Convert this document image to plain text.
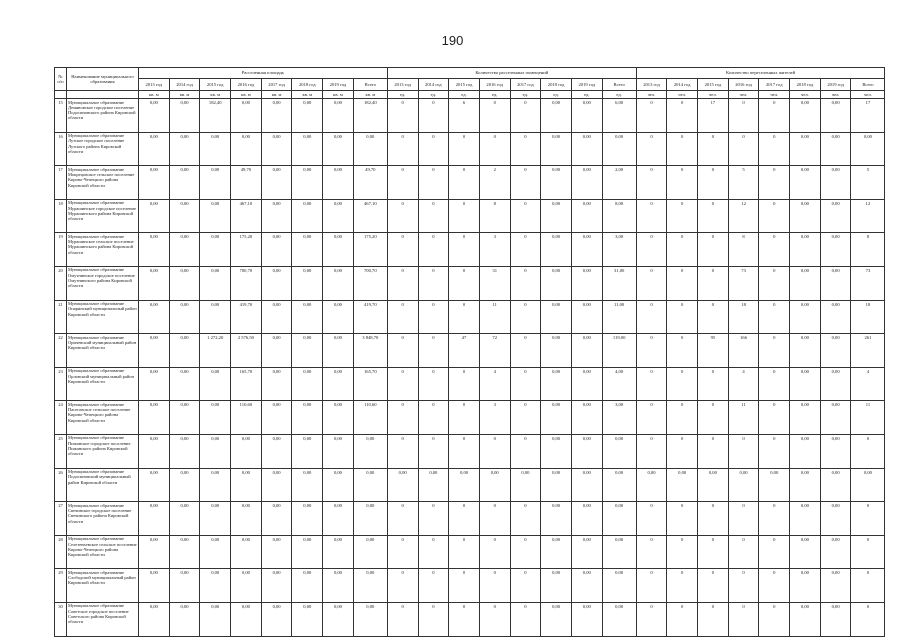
190
№ п/п	Наименование муниципального образования	Расселенная площадь								Количество расселенных помещений								Количество переселенных жителей							
		2013 год	2014 год	2015 год	2016 год	2017 год	2018 год	2019 год	Всего	2013 год	2014 год	2015 год	2016 год	2017 год	2018 год	2019 год	Всего	2013 год	2014 год	2015 год	2016 год	2017 год	2018 год	2019 год	Всего
		кв. м	кв. м	кв. м	кв. м	кв. м	кв. м	кв. м	кв. м	ед.	ед.	ед.	ед.	ед.	ед.	ед.	ед.	чел.	чел.	чел.	чел.	чел.	чел.	чел.	чел.
15	Муниципальное образование Демяновское городское поселение Подосиновского района Кировской области	0,00	0,00	182,40	0,00	0,00	0,00	0,00	182,40	0	0	6	0	0	0,00	0,00	6,00	0	0	17	0	0	0,00	0,00	17
16	Муниципальное образование Лузское городское поселение Лузского района Кировской области	0,00	0,00	0,00	0,00	0,00	0,00	0,00	0,00	0	0	0	0	0	0,00	0,00	0,00	0	0	0	0	0	0,00	0,00	0,00
17	Муниципальное образование Мокрецовское сельское поселение Кирово-Чепецкого района Кировской области	0,00	0,00	0,00	49,70	0,00	0,00	0,00	49,70	0	0	0	2	0	0,00	0,00	2,00	0	0	0	5	0	0,00	0,00	5
18	Муниципальное образование Мурашинское городское поселение Мурашинского района Кировской области	0,00	0,00	0,00	467,10	0,00	0,00	0,00	467,10	0	0	0	8	0	0,00	0,00	8,00	0	0	0	12	0	0,00	0,00	12
19	Муниципальное образование Мурашинское сельское поселение Мурашинского района Кировской области	0,00	0,00	0,00	175,20	0,00	0,00	0,00	175,20	0	0	0	3	0	0,00	0,00	3,00	0	0	0	8	0	0,00	0,00	8
20	Муниципальное образование Омутнинское городское поселение Омутнинского района Кировской области	0,00	0,00	0,00	700,70	0,00	0,00	0,00	700,70	0	0	0	31	0	0,00	0,00	31,00	0	0	0	73	0	0,00	0,00	73
21	Муниципальное образование Опаринский муниципальный район Кировской области	0,00	0,00	0,00	419,70	0,00	0,00	0,00	419,70	0	0	0	11	0	0,00	0,00	11,00	0	0	0	18	0	0,00	0,00	18
22	Муниципальное образование Оричевский муниципальный район Кировской области	0,00	0,00	1 272,20	2 576,50	0,00	0,00	0,00	3 848,70	0	0	47	72	0	0,00	0,00	119,00	0	0	95	166	0	0,00	0,00	261
23	Муниципальное образование Орловский муниципальный район Кировской области	0,00	0,00	0,00	165,70	0,00	0,00	0,00	165,70	0	0	0	4	0	0,00	0,00	4,00	0	0	0	4	0	0,00	0,00	4
24	Муниципальное образование Пасеговское сельское поселение Кирово-Чепецкого района Кировской области	0,00	0,00	0,00	110,60	0,00	0,00	0,00	110,60	0	0	0	3	0	0,00	0,00	3,00	0	0	0	11	0	0,00	0,00	11
25	Муниципальное образование Пижанское городское поселение Пижанского района Кировской области	0,00	0,00	0,00	0,00	0,00	0,00	0,00	0,00	0	0	0	0	0	0,00	0,00	0,00	0	0	0	0	0	0,00	0,00	0
26	Муниципальное образование Подосиновский муниципальный район Кировской области	0,00	0,00	0,00	0,00	0,00	0,00	0,00	0,00	0,00	0,00	0,00	0,00	0,00	0,00	0,00	0,00	0,00	0,00	0,00	0,00	0,00	0,00	0,00	0,00
27	Муниципальное образование Свечинское городское поселение Свечинского района Кировской области	0,00	0,00	0,00	0,00	0,00	0,00	0,00	0,00	0	0	0	0	0	0,00	0,00	0,00	0	0	0	0	0	0,00	0,00	0
28	Муниципальное образование Селезеньевское сельское поселение Кирово-Чепецкого района Кировской области	0,00	0,00	0,00	0,00	0,00	0,00	0,00	0,00	0	0	0	0	0	0,00	0,00	0,00	0	0	0	0	0	0,00	0,00	0
29	Муниципальное образование Слободской муниципальный район Кировской области	0,00	0,00	0,00	0,00	0,00	0,00	0,00	0,00	0	0	0	0	0	0,00	0,00	0,00	0	0	0	0	0	0,00	0,00	0
30	Муниципальное образование Советское городское поселение Советского района Кировской области	0,00	0,00	0,00	0,00	0,00	0,00	0,00	0,00	0	0	0	0	0	0,00	0,00	0,00	0	0	0	0	0	0,00	0,00	0
